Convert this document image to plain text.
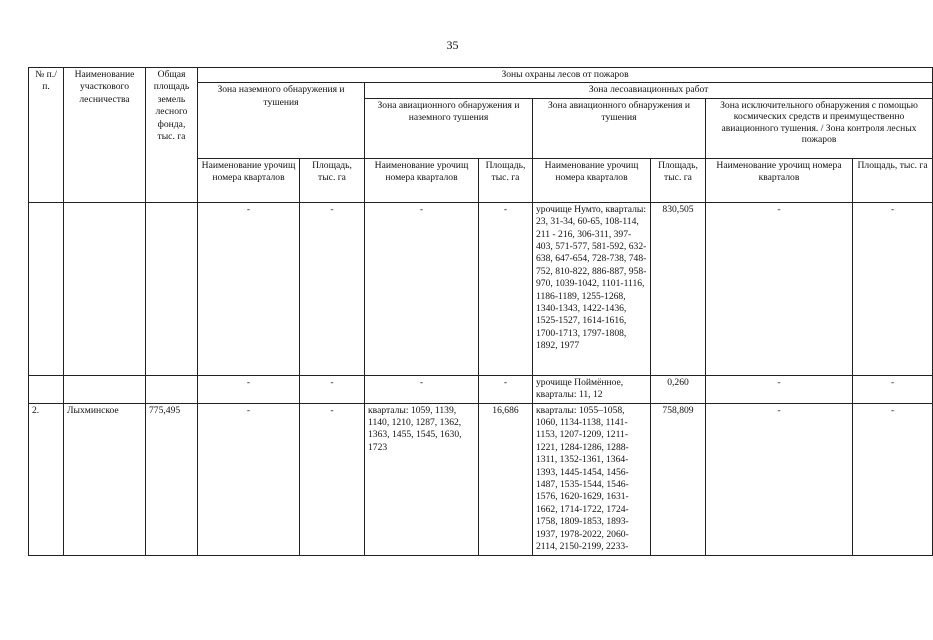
35
№ п./п.	Наименование участкового лесничества	Общая площадь земель лесного фонда, тыс. га	Зоны охраны лесов от пожаров							
			Зона наземного обнаружения и тушения		Зона лесоавиационных работ					
					Зона авиационного обнаружения и наземного тушения		Зона авиационного обнаружения и тушения		Зона исключительного обнаружения с помощью космических средств и преимущественно авиационного тушения. / Зона контроля лесных пожаров	
			Наименование урочищ номера кварталов	Площадь, тыс. га	Наименование урочищ номера кварталов	Площадь, тыс. га	Наименование урочищ номера кварталов	Площадь, тыс. га	Наименование урочищ номера кварталов	Площадь, тыс. га
			-	-	-	-	урочище Нумто, кварталы: 23, 31-34, 60-65, 108-114, 211 - 216, 306-311, 397-403, 571-577, 581-592, 632-638, 647-654, 728-738, 748-752, 810-822, 886-887, 958-970, 1039-1042, 1101-1116, 1186-1189, 1255-1268, 1340-1343, 1422-1436, 1525-1527, 1614-1616, 1700-1713, 1797-1808, 1892, 1977	830,505	-	-
			-	-	-	-	урочище Поймённое, кварталы: 11, 12	0,260	-	-
2.	Лыхминское	775,495	-	-	кварталы: 1059, 1139, 1140, 1210, 1287, 1362, 1363, 1455, 1545, 1630, 1723	16,686	кварталы: 1055–1058, 1060, 1134-1138, 1141-1153, 1207-1209, 1211-1221, 1284-1286, 1288-1311, 1352-1361, 1364-1393, 1445-1454, 1456-1487, 1535-1544, 1546-1576, 1620-1629, 1631-1662, 1714-1722, 1724-1758, 1809-1853, 1893-1937, 1978-2022, 2060-2114, 2150-2199, 2233-	758,809	-	-
